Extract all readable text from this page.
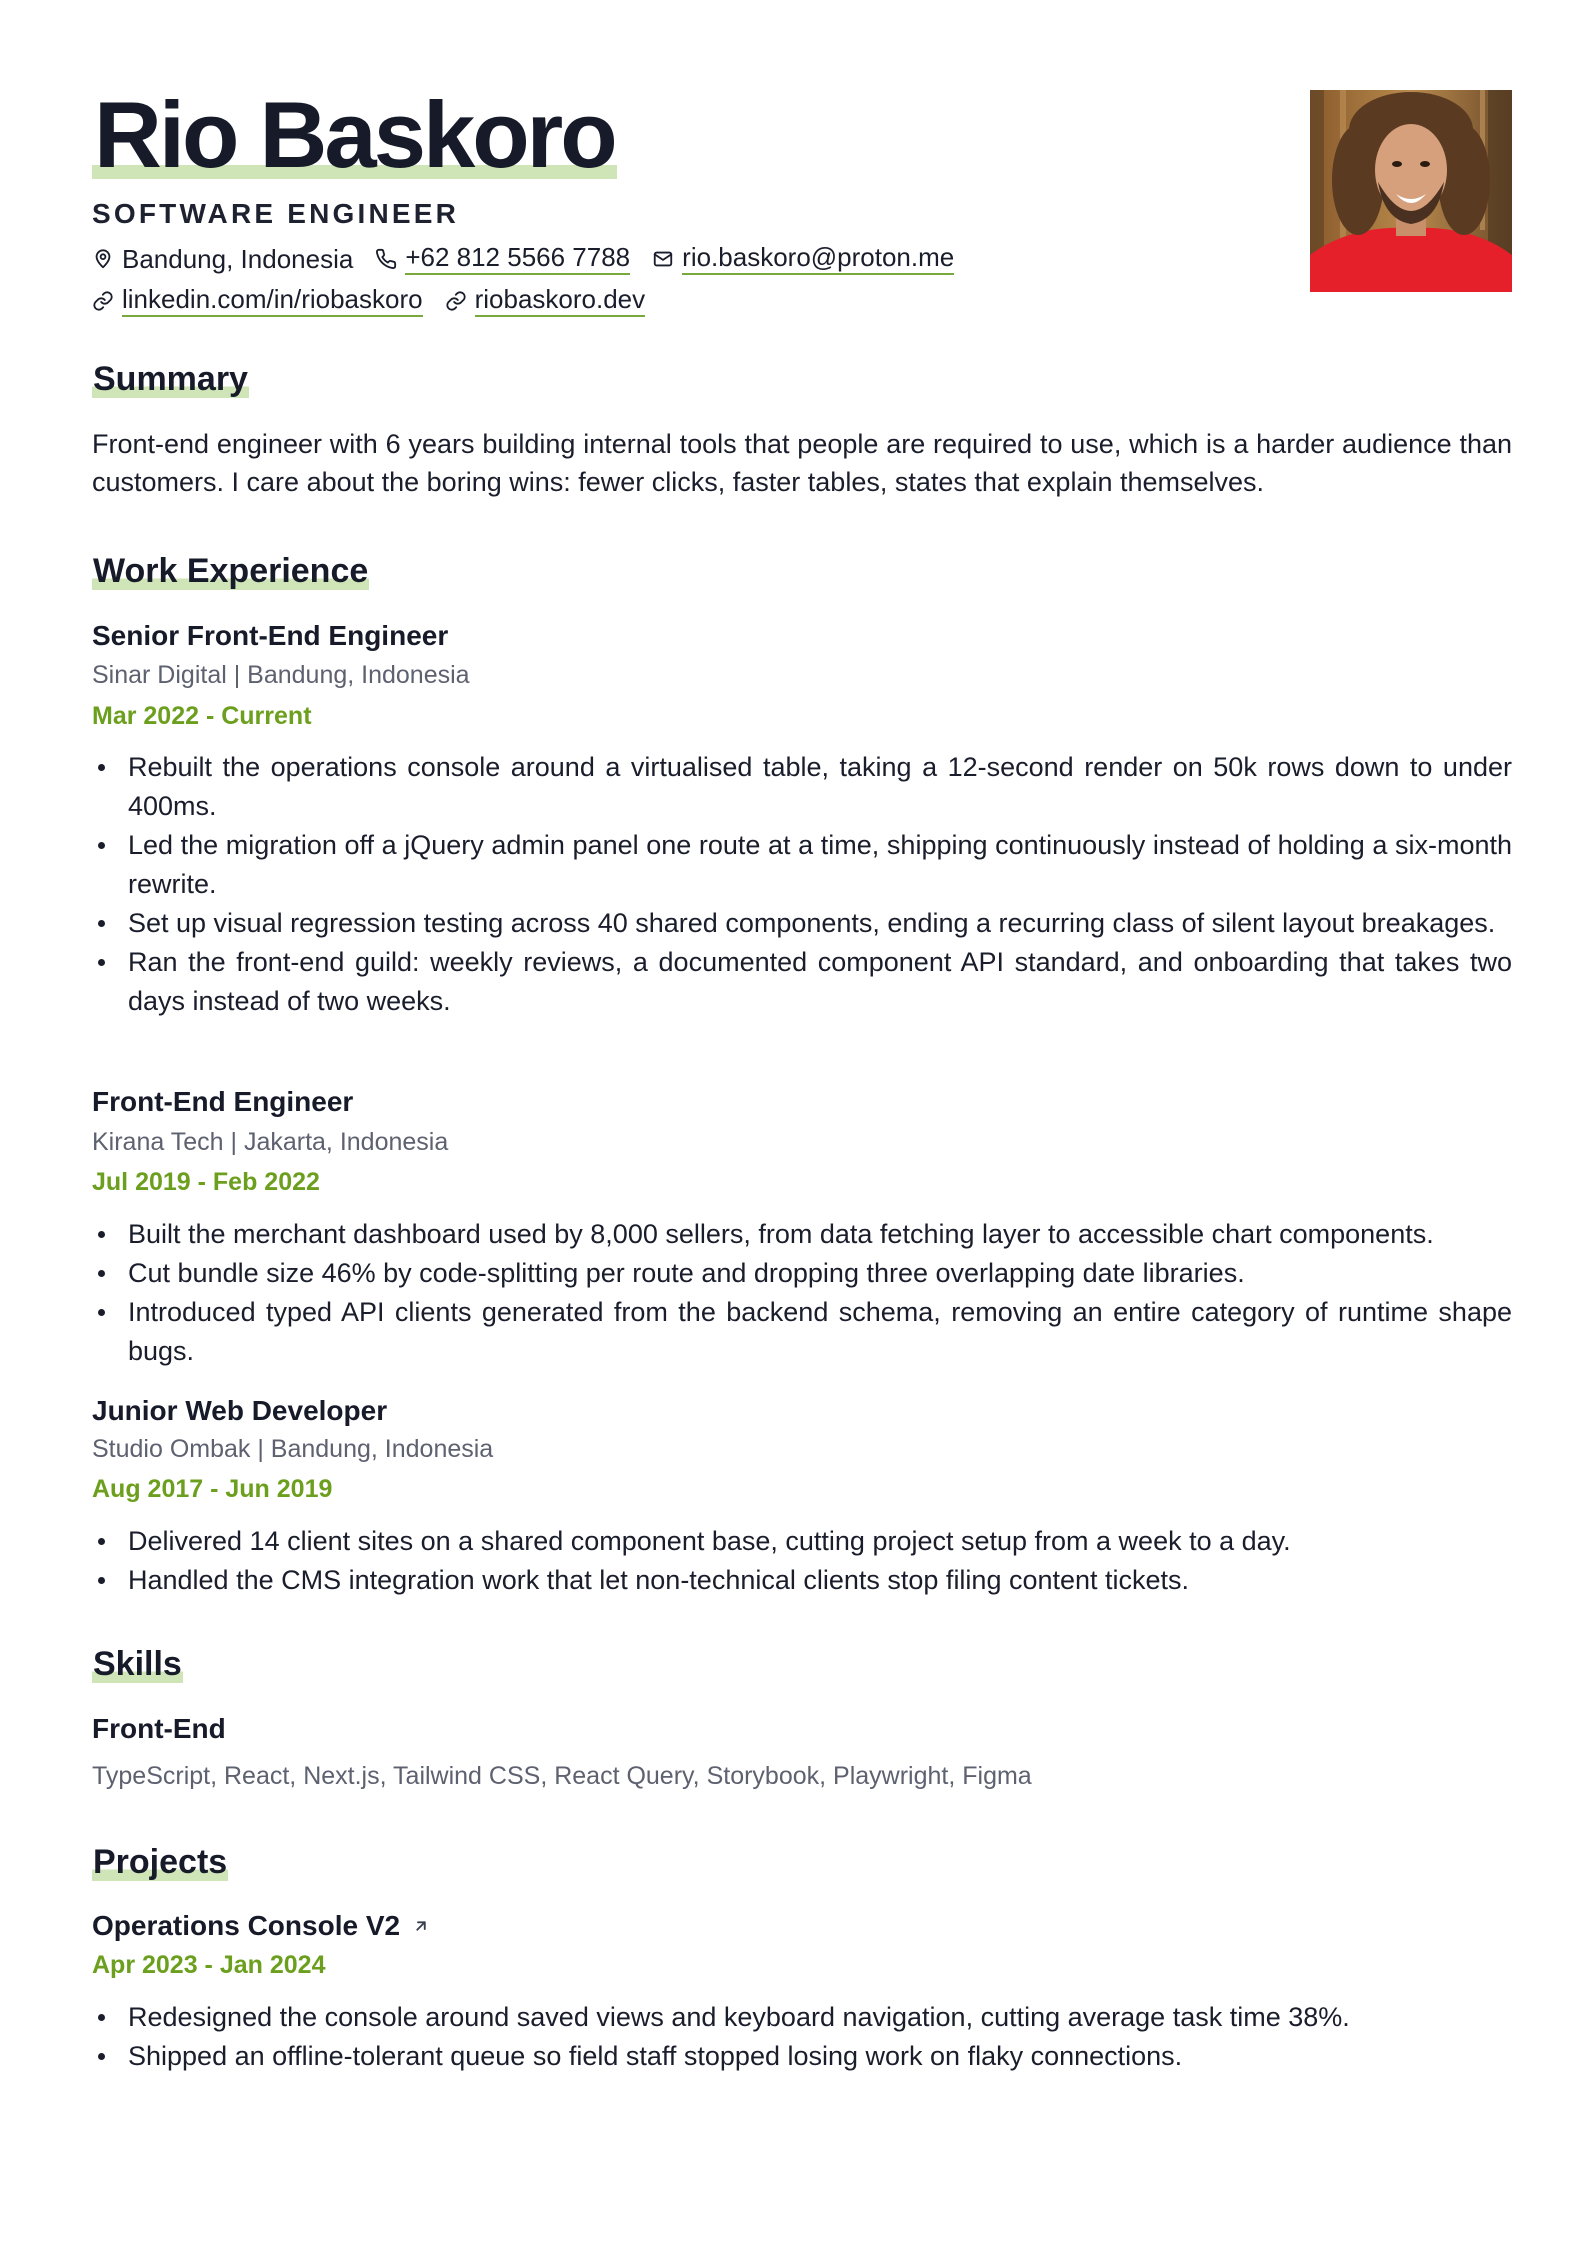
Rio Baskoro
SOFTWARE ENGINEER
Bandung, Indonesia +62 812 5566 7788 rio.baskoro@proton.me
linkedin.com/in/riobaskoro riobaskoro.dev
Summary

Front-end engineer with 6 years building internal tools that people are required to use, which is a harder audience than customers. I care about the boring wins: fewer clicks, faster tables, states that explain themselves.

Work Experience
Senior Front-End Engineer
Sinar Digital | Bandung, Indonesia
Mar 2022 - Current
Rebuilt the operations console around a virtualised table, taking a 12-second render on 50k rows down to under 400ms.
Led the migration off a jQuery admin panel one route at a time, shipping continuously instead of holding a six-month rewrite.
Set up visual regression testing across 40 shared components, ending a recurring class of silent layout breakages.
Ran the front-end guild: weekly reviews, a documented component API standard, and onboarding that takes two days instead of two weeks.
Front-End Engineer
Kirana Tech | Jakarta, Indonesia
Jul 2019 - Feb 2022
Built the merchant dashboard used by 8,000 sellers, from data fetching layer to accessible chart components.
Cut bundle size 46% by code-splitting per route and dropping three overlapping date libraries.
Introduced typed API clients generated from the backend schema, removing an entire category of runtime shape bugs.
Junior Web Developer
Studio Ombak | Bandung, Indonesia
Aug 2017 - Jun 2019
Delivered 14 client sites on a shared component base, cutting project setup from a week to a day.
Handled the CMS integration work that let non-technical clients stop filing content tickets.
Skills
Front-End
TypeScript, React, Next.js, Tailwind CSS, React Query, Storybook, Playwright, Figma
Projects
Operations Console V2
Apr 2023 - Jan 2024
Redesigned the console around saved views and keyboard navigation, cutting average task time 38%.
Shipped an offline-tolerant queue so field staff stopped losing work on flaky connections.
